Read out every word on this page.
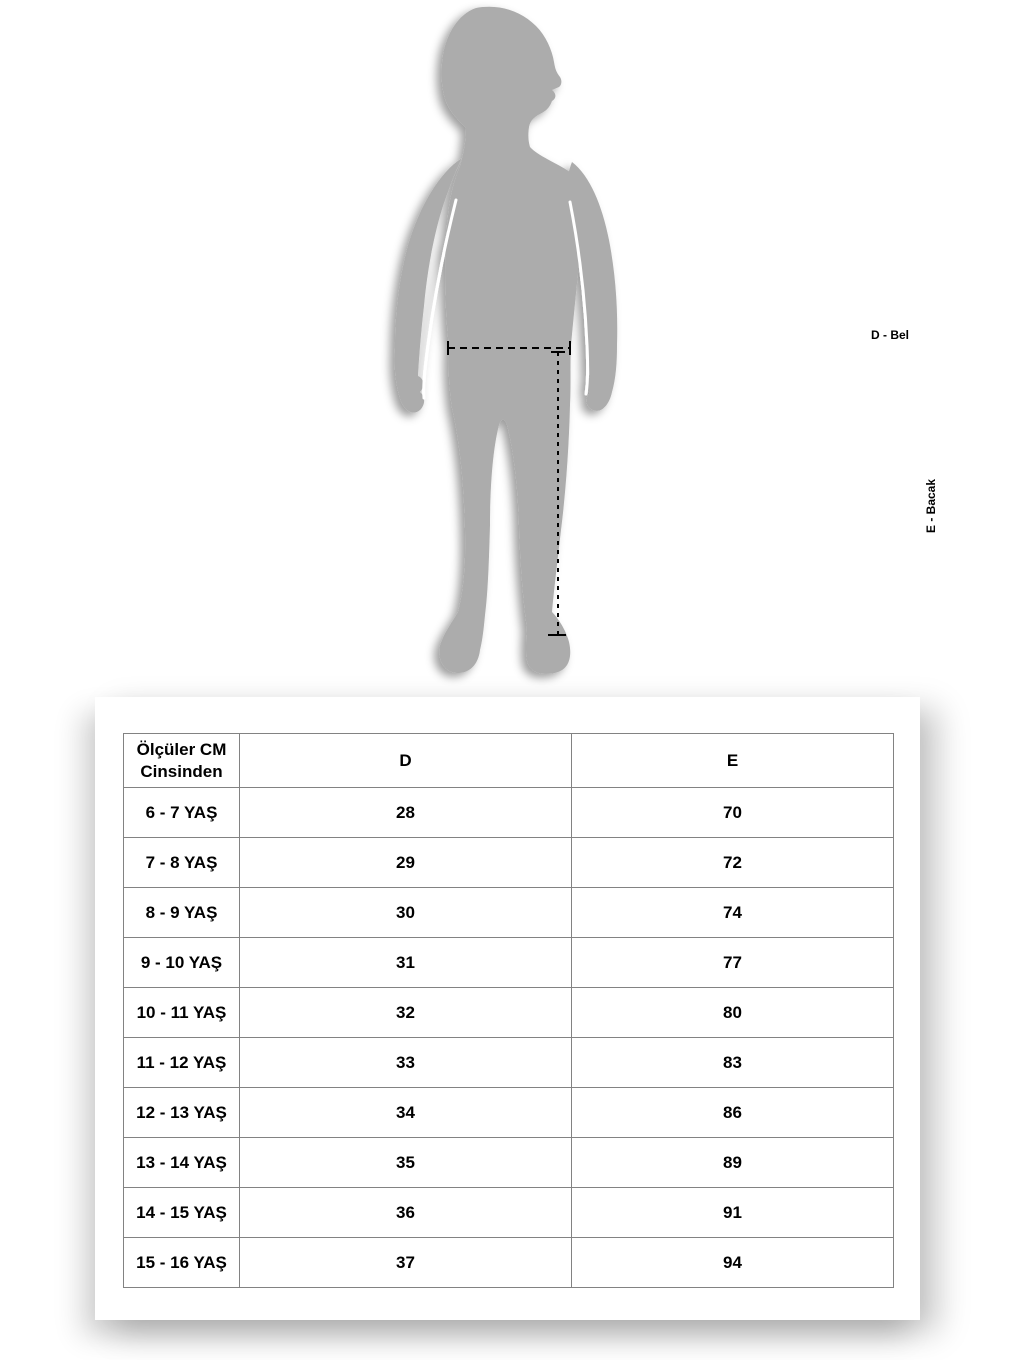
D - Bel
E - Bacak
Ölçüler CM Cinsinden	D	E
6 - 7 YAŞ	28	70
7 - 8 YAŞ	29	72
8 - 9 YAŞ	30	74
9 - 10 YAŞ	31	77
10 - 11 YAŞ	32	80
11 - 12 YAŞ	33	83
12 - 13 YAŞ	34	86
13 - 14 YAŞ	35	89
14 - 15 YAŞ	36	91
15 - 16 YAŞ	37	94
